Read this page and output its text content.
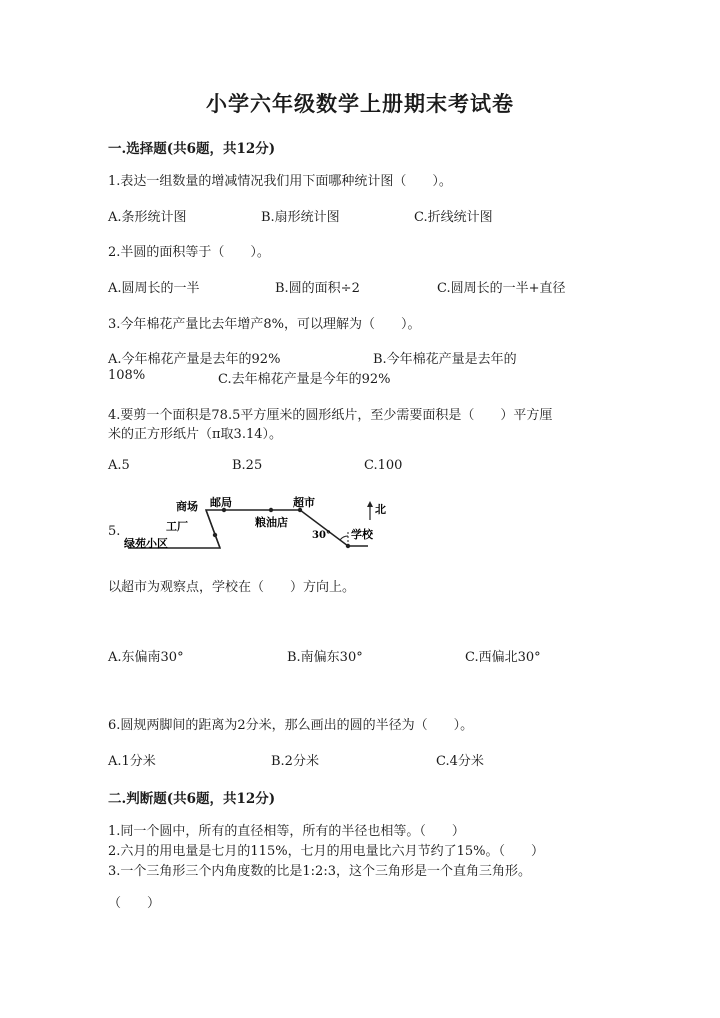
小学六年级数学上册期末考试卷
一.选择题(共6题，共12分)
1.表达一组数量的增减情况我们用下面哪种统计图（　　）。
A.条形统计图	B.扇形统计图	C.折线统计图
2.半圆的面积等于（　　）。
A.圆周长的一半	B.圆的面积÷2	C.圆周长的一半+直径
3.今年棉花产量比去年增产8%，可以理解为（　　）。
A.今年棉花产量是去年的92%	B.今年棉花产量是去年的
108%	C.去年棉花产量是今年的92%
4.要剪一个面积是78.5平方厘米的圆形纸片，至少需要面积是（　　）平方厘
米的正方形纸片（π取3.14）。
A.5	B.25	C.100
5.
商场 邮局	超市
北
工厂	粮油店
30° 学校
绿苑小区
以超市为观察点，学校在（　　）方向上。
A.东偏南30°	B.南偏东30°	C.西偏北30°
6.圆规两脚间的距离为2分米，那么画出的圆的半径为（　　）。
A.1分米	B.2分米	C.4分米
二.判断题(共6题，共12分)
1.同一个圆中，所有的直径相等，所有的半径也相等。（　　）
2.六月的用电量是七月的115%，七月的用电量比六月节约了15%。（　　）
3.一个三角形三个内角度数的比是1:2:3，这个三角形是一个直角三角形。
（　　）
